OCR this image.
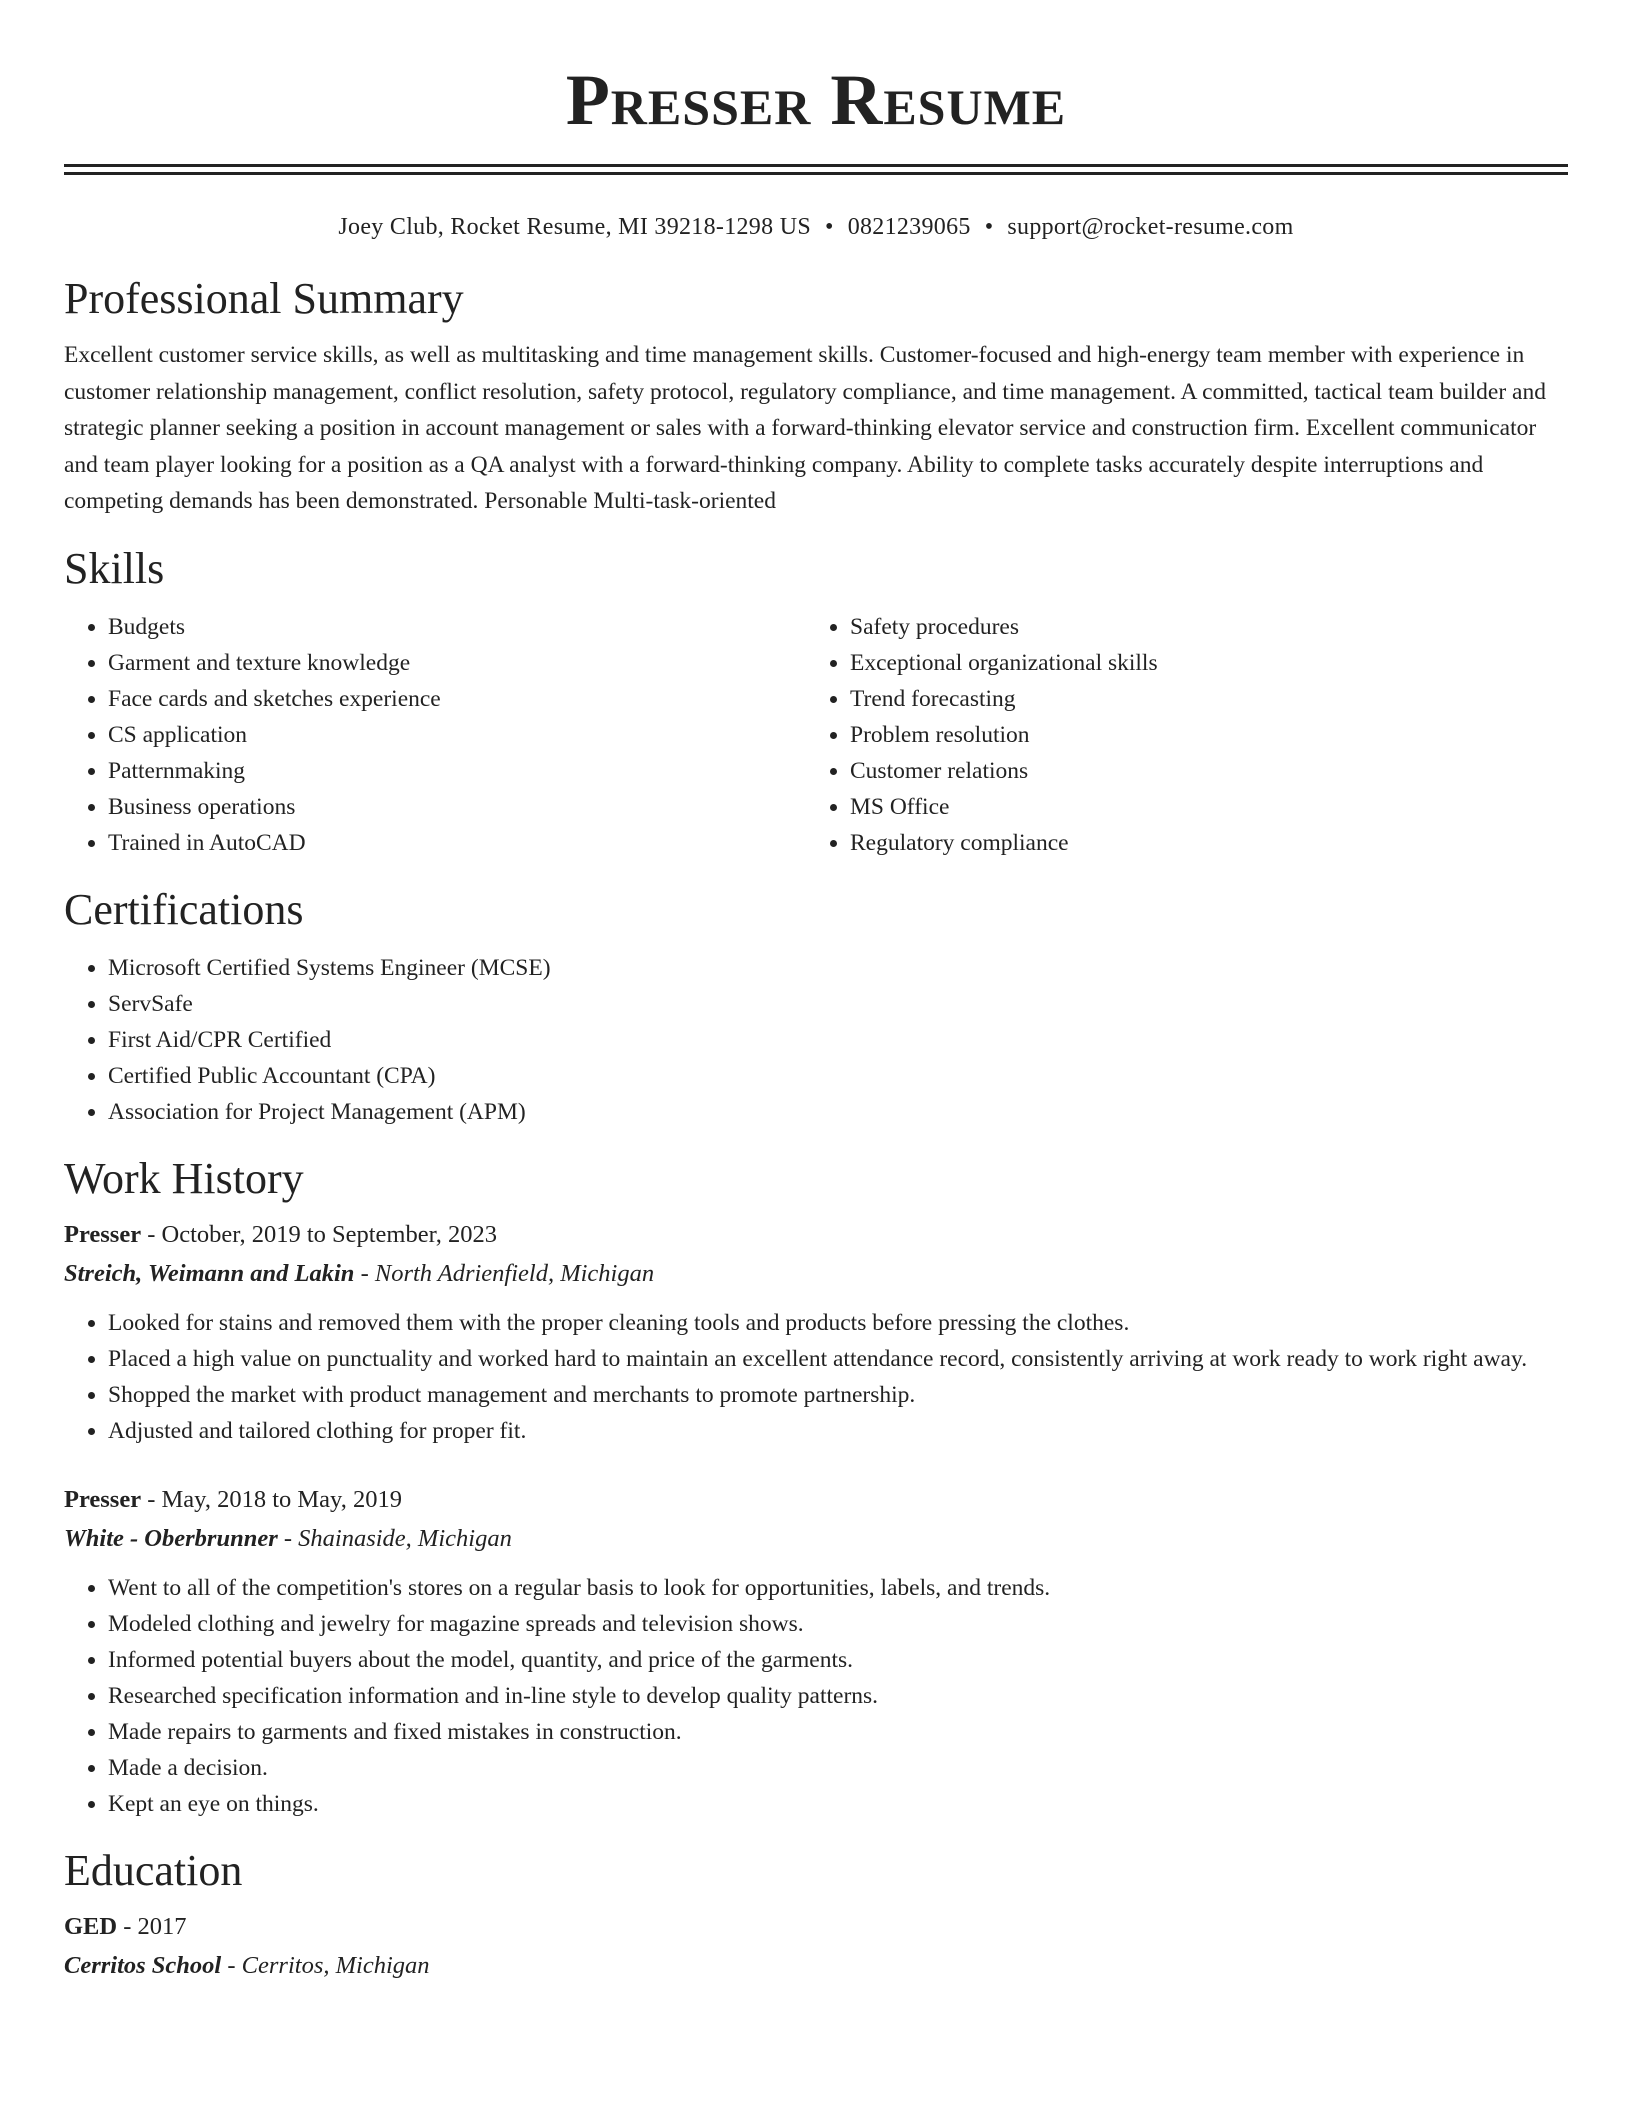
Presser Resume
Joey Club, Rocket Resume, MI 39218-1298 US • 0821239065 • support@rocket-resume.com
Professional Summary

Excellent customer service skills, as well as multitasking and time management skills. Customer-focused and high-energy team member with experience in customer relationship management, conflict resolution, safety protocol, regulatory compliance, and time management. A committed, tactical team builder and strategic planner seeking a position in account management or sales with a forward-thinking elevator service and construction firm. Excellent communicator and team player looking for a position as a QA analyst with a forward-thinking company. Ability to complete tasks accurately despite interruptions and competing demands has been demonstrated. Personable Multi-task-oriented

Skills
• Budgets
• Garment and texture knowledge
• Face cards and sketches experience
• CS application
• Patternmaking
• Business operations
• Trained in AutoCAD
• Safety procedures
• Exceptional organizational skills
• Trend forecasting
• Problem resolution
• Customer relations
• MS Office
• Regulatory compliance
Certifications
• Microsoft Certified Systems Engineer (MCSE)
• ServSafe
• First Aid/CPR Certified
• Certified Public Accountant (CPA)
• Association for Project Management (APM)
Work History
Presser - October, 2019 to September, 2023
Streich, Weimann and Lakin - North Adrienfield, Michigan
• Looked for stains and removed them with the proper cleaning tools and products before pressing the clothes.
• Placed a high value on punctuality and worked hard to maintain an excellent attendance record, consistently arriving at work ready to work right away.
• Shopped the market with product management and merchants to promote partnership.
• Adjusted and tailored clothing for proper fit.
Presser - May, 2018 to May, 2019
White - Oberbrunner - Shainaside, Michigan
• Went to all of the competition's stores on a regular basis to look for opportunities, labels, and trends.
• Modeled clothing and jewelry for magazine spreads and television shows.
• Informed potential buyers about the model, quantity, and price of the garments.
• Researched specification information and in-line style to develop quality patterns.
• Made repairs to garments and fixed mistakes in construction.
• Made a decision.
• Kept an eye on things.
Education
GED - 2017
Cerritos School - Cerritos, Michigan
